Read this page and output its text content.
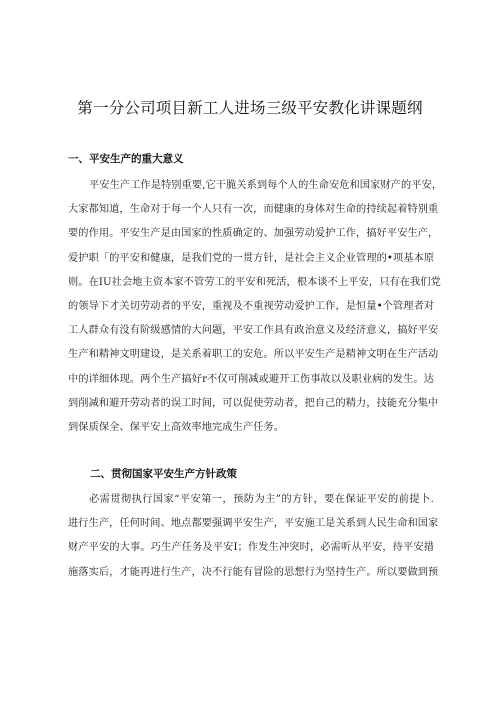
第一分公司项目新工人进场三级平安教化讲课题纲
一、平安生产的重大意义
平安生产工作是特别重要,它干脆关系到每个人的生命安危和国家财产的平安，
大家都知道，生命对于每一个人只有一次，而健康的身体对生命的持续起着特别重
要的作用。平安生产是由国家的性质确定的、加强劳动爱护工作，搞好平安生产，
爱护职「的平安和健康，是我们党的一贯方针，是社会主义企业管理的•项基本原
则。在IU社会地主资本家不管劳工的平安和死活，根本谈不上平安，只有在我们党
的领导下才关切劳动者的平安，重视及不重视劳动爱护工作，是恒量•个管理者对
工人群众有没有阶级感情的大问题，平安工作具有政治意义及经济意义，搞好平安
生产和精神文明建设，是关系着职工的安危。所以平安生产是精神文明在生产活动
中的详细体现。两个生产搞好r不仅可削减或避开工伤事故以及职业病的发生。达
到削减和避开劳动者的误工时间，可以促使劳动者，把自己的精力，技能充分集中
到保质保全、保平安上高效率地完成生产任务。
二、贯彻国家平安生产方针政策
必需贯彻执行国家“平安第一，预防为主”的方针，要在保证平安的前提卜.
进行生产，任何时间、地点都要强调平安生产，平安施工是关系到人民生命和国家
财产平安的大事。巧生产任务及平安I；作发生冲突时，必需听从平安，待平安措
施落实后，才能再进行生产，决不行能有冒险的思想行为坚持生产。所以要做到预
